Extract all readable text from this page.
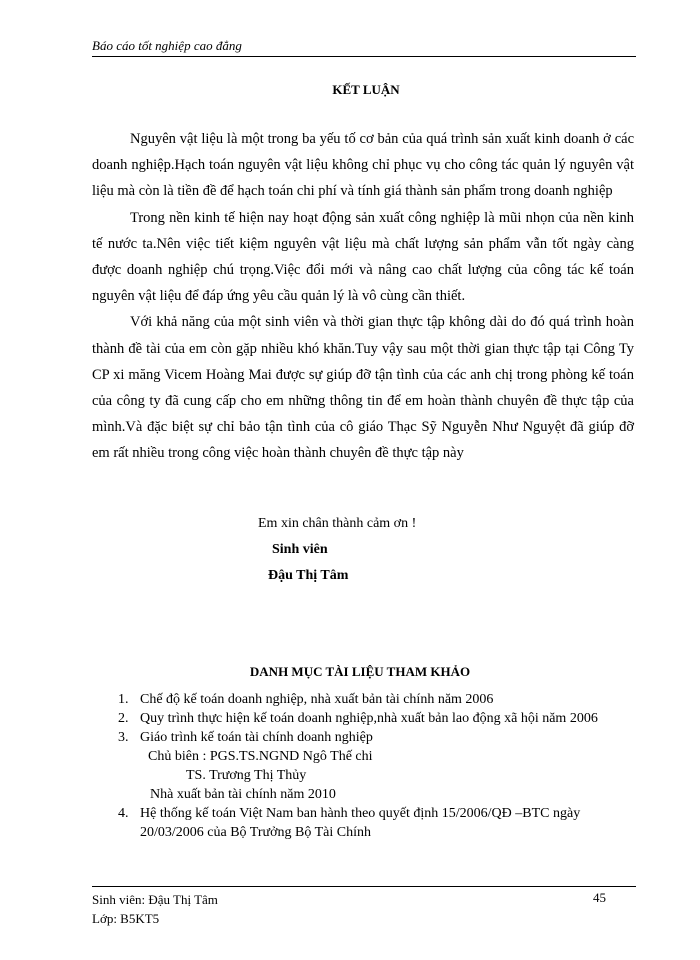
Báo cáo tốt nghiệp cao đẳng
KẾT LUẬN

Nguyên vật liệu là một trong ba yếu tố cơ bản của quá trình sản xuất kinh doanh ở các doanh nghiệp.Hạch toán nguyên vật liệu không chỉ phục vụ cho công tác quản lý nguyên vật liệu mà còn là tiền đề để hạch toán chi phí và tính giá thành sản phẩm trong doanh nghiệp

Trong nền kinh tế hiện nay hoạt động sản xuất công nghiệp là mũi nhọn của nền kinh tế nước ta.Nên việc tiết kiệm nguyên vật liệu mà chất lượng sản phẩm vẫn tốt ngày càng được doanh nghiệp chú trọng.Việc đổi mới và nâng cao chất lượng của công tác kế toán nguyên vật liệu để đáp ứng yêu cầu quản lý là vô cùng cần thiết.

Với khả năng của một sinh viên và thời gian thực tập không dài do đó quá trình hoàn thành đề tài của em còn gặp nhiều khó khăn.Tuy vậy sau một thời gian thực tập tại Công Ty CP xi măng Vicem Hoàng Mai được sự giúp đỡ tận tình của các anh chị trong phòng kế toán của công ty đã cung cấp cho em những thông tin để em hoàn thành chuyên đề thực tập của mình.Và đặc biệt sự chỉ bảo tận tình của cô giáo Thạc Sỹ Nguyễn Như Nguyệt đã giúp đỡ em rất nhiều trong công việc hoàn thành chuyên đề thực tập này

Em xin chân thành cảm ơn !
Sinh viên
Đậu Thị Tâm
DANH MỤC TÀI LIỆU THAM KHẢO
1. Chế độ kế toán doanh nghiệp, nhà xuất bản tài chính năm 2006
2. Quy trình thực hiện kế toán doanh nghiệp,nhà xuất bản lao động xã hội năm 2006
3. Giáo trình kế toán tài chính doanh nghiệp
Chủ biên : PGS.TS.NGND Ngô Thế chi
TS. Trương Thị Thủy
Nhà xuất bản tài chính năm 2010
4. Hệ thống kế toán Việt Nam ban hành theo quyết định 15/2006/QĐ –BTC ngày 20/03/2006 của Bộ Trưởng Bộ Tài Chính
Sinh viên: Đậu Thị Tâm
Lớp: B5KT5
45
